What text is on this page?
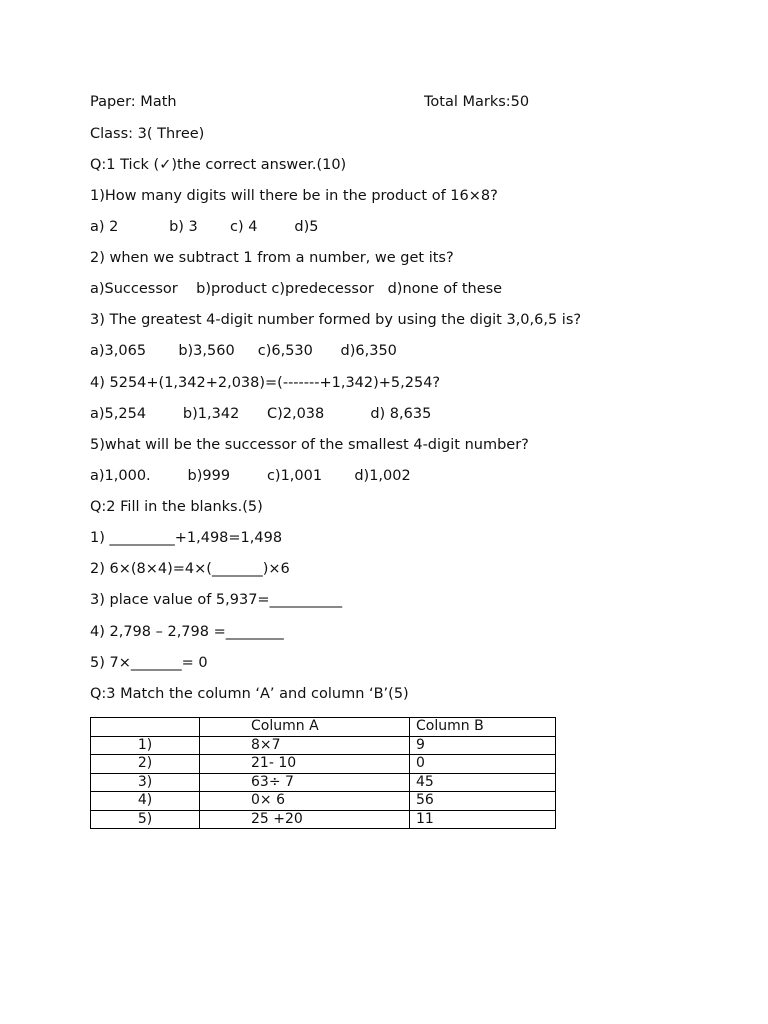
Paper: Math	Total Marks:50
Class: 3( Three)
Q:1 Tick (✓)the correct answer.(10)
1)How many digits will there be in the product of 16×8?
a) 2           b) 3       c) 4        d)5
2) when we subtract 1 from a number, we get its?
a)Successor    b)product c)predecessor   d)none of these
3) The greatest 4-digit number formed by using the digit 3,0,6,5 is?
a)3,065       b)3,560     c)6,530      d)6,350
4) 5254+(1,342+2,038)=(-------+1,342)+5,254?
a)5,254        b)1,342      C)2,038          d) 8,635
5)what will be the successor of the smallest 4-digit number?
a)1,000.        b)999        c)1,001       d)1,002
Q:2 Fill in the blanks.(5)
1) _________+1,498=1,498
2) 6×(8×4)=4×(_______)×6
3) place value of 5,937=__________
4) 2,798 – 2,798 =________
5) 7×_______= 0
Q:3 Match the column ‘A’ and column ‘B’(5)
	Column A	Column B
1)	8×7	9
2)	21- 10	0
3)	63÷ 7	45
4)	0× 6	56
5)	25 +20	11
